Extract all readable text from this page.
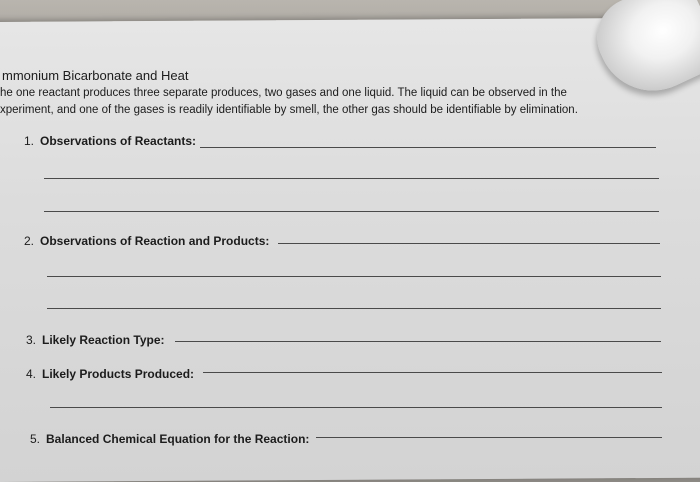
mmonium Bicarbonate and Heat
he one reactant produces three separate produces, two gases and one liquid. The liquid can be observed in the
xperiment, and one of the gases is readily identifiable by smell, the other gas should be identifiable by elimination.
1. Observations of Reactants:
2. Observations of Reaction and Products:
3. Likely Reaction Type:
4. Likely Products Produced:
5. Balanced Chemical Equation for the Reaction:
